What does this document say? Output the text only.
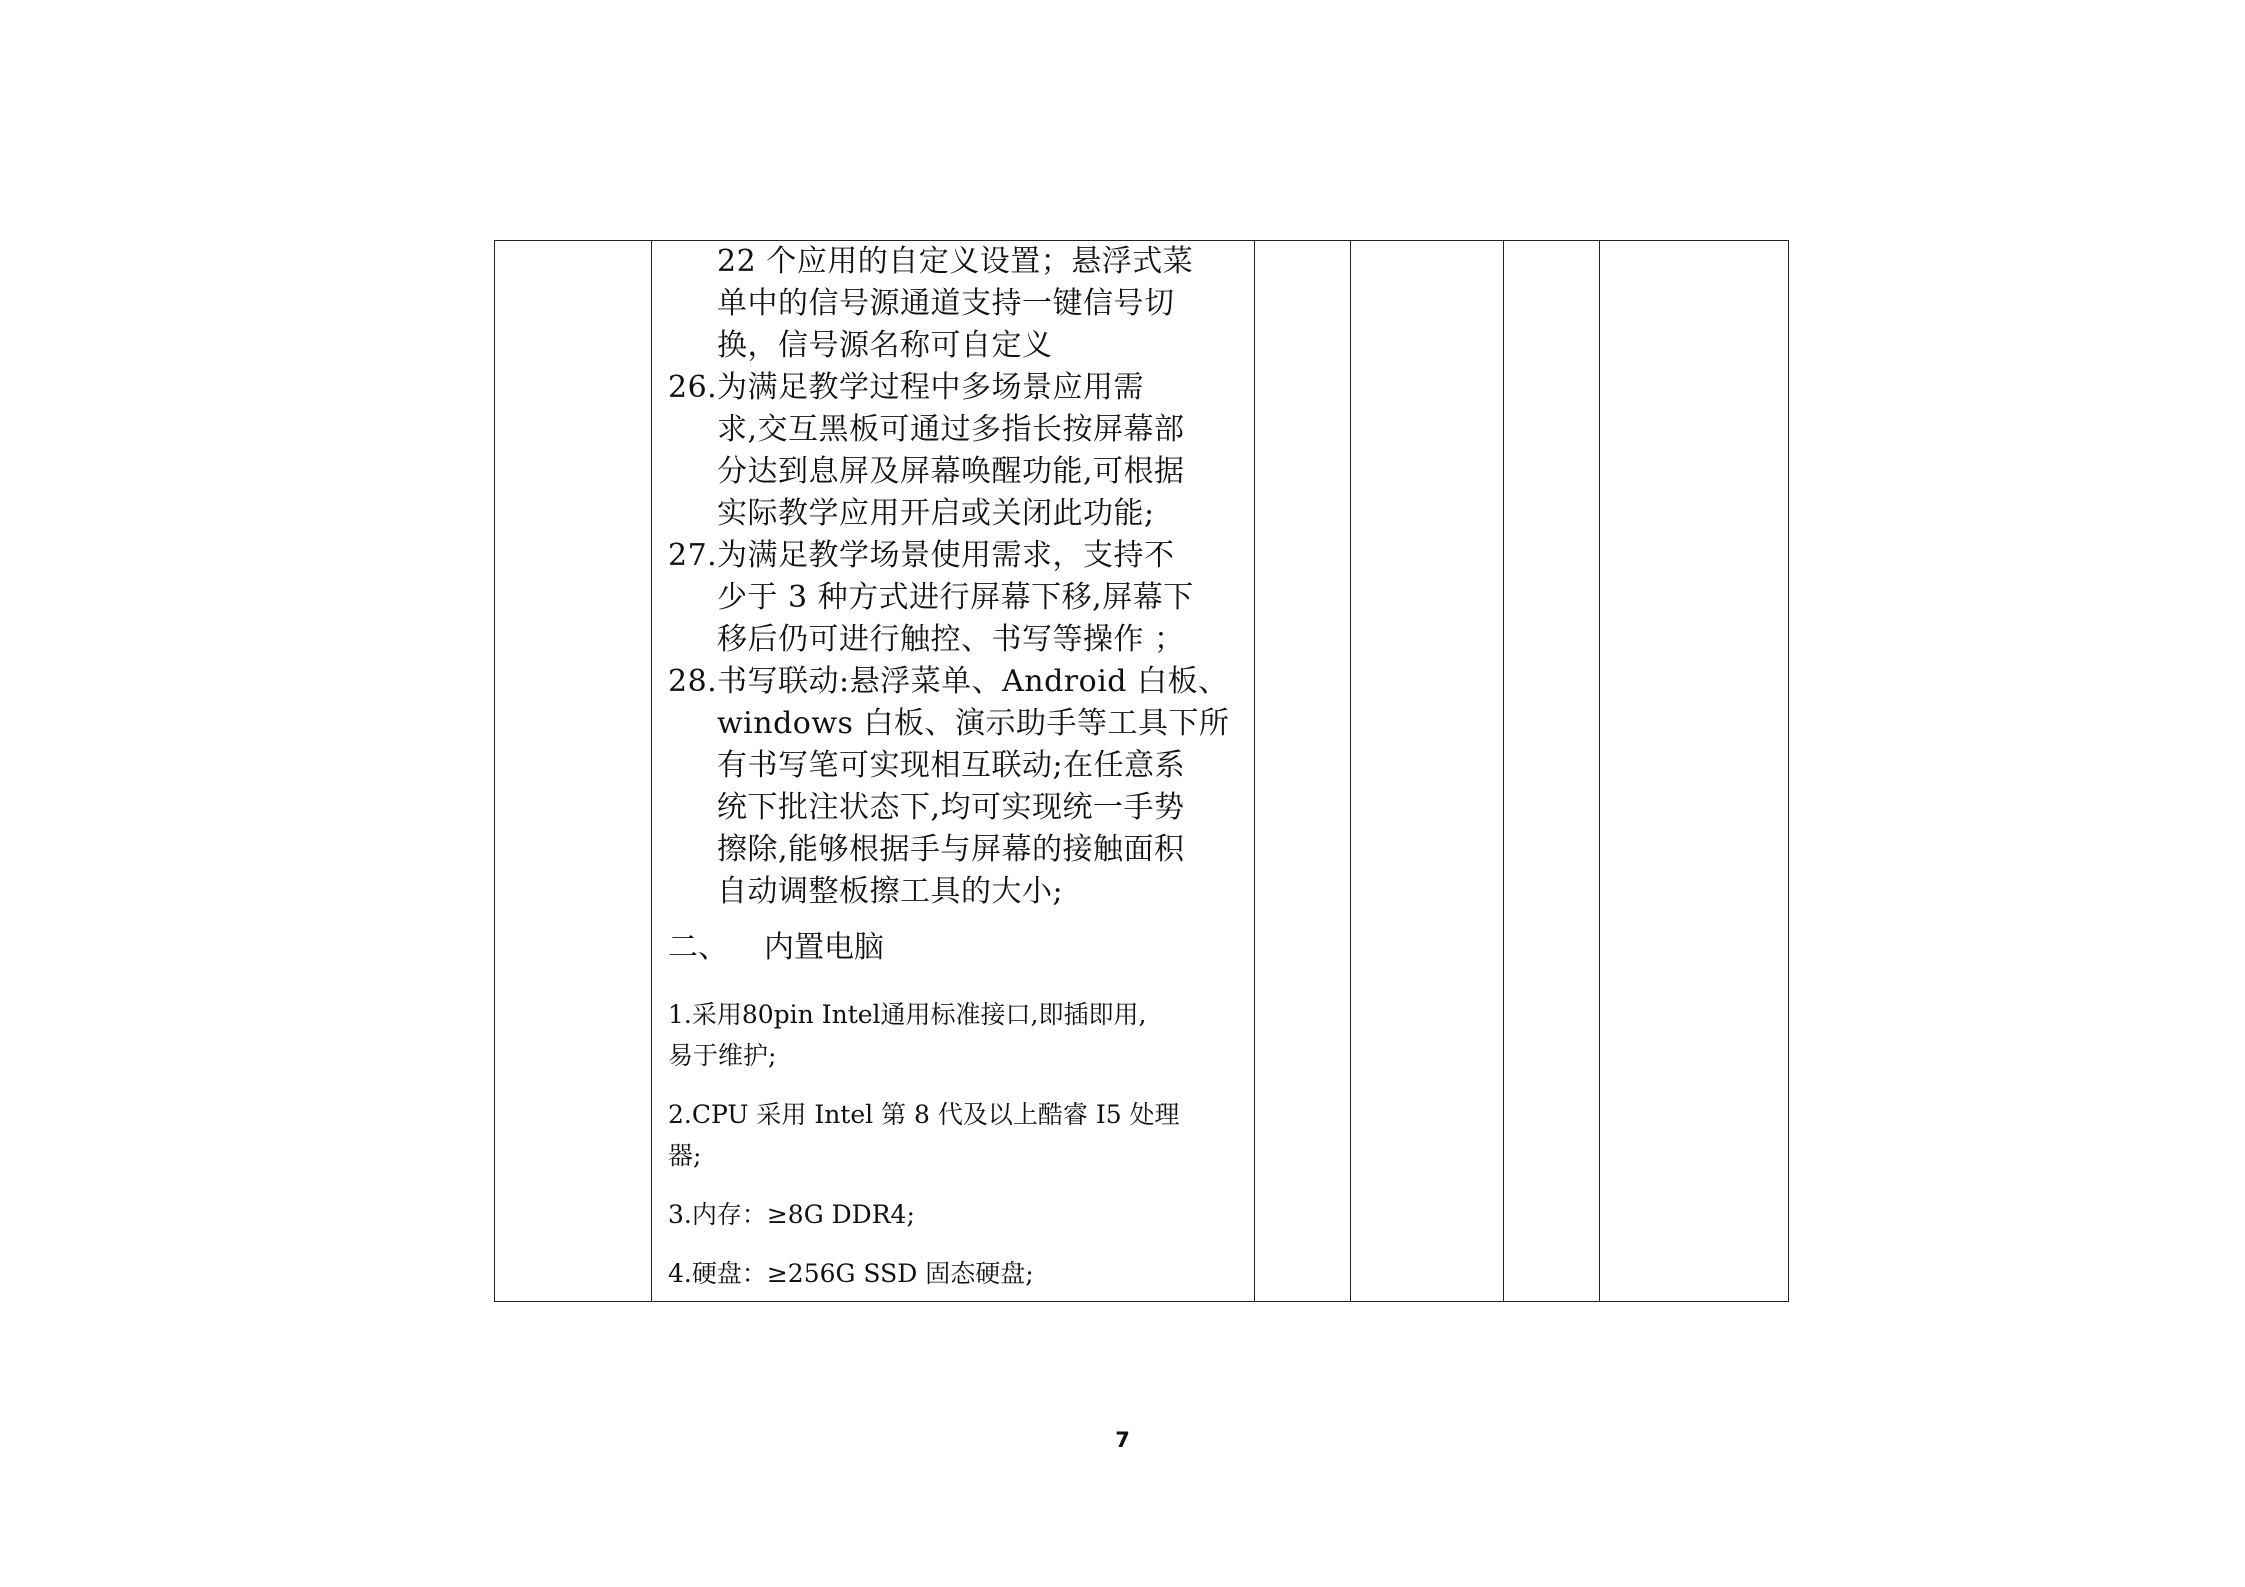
22 个应用的自定义设置；悬浮式菜
单中的信号源通道支持一键信号切
换，信号源名称可自定义
26. 为满足教学过程中多场景应用需
求,交互黑板可通过多指长按屏幕部
分达到息屏及屏幕唤醒功能,可根据
实际教学应用开启或关闭此功能;
27. 为满足教学场景使用需求，支持不
少于 3 种方式进行屏幕下移,屏幕下
移后仍可进行触控、书写等操作 ；
28. 书写联动:悬浮菜单、Android 白板、
windows 白板、演示助手等工具下所
有书写笔可实现相互联动;在任意系
统下批注状态下,均可实现统一手势
擦除,能够根据手与屏幕的接触面积
自动调整板擦工具的大小;
二、 内置电脑
1.采用80pin Intel通用标准接口,即插即用,
易于维护;
2.CPU 采用 Intel 第 8 代及以上酷睿 I5 处理
器;
3.内存：≥8G DDR4;
4.硬盘：≥256G SSD 固态硬盘;

7
